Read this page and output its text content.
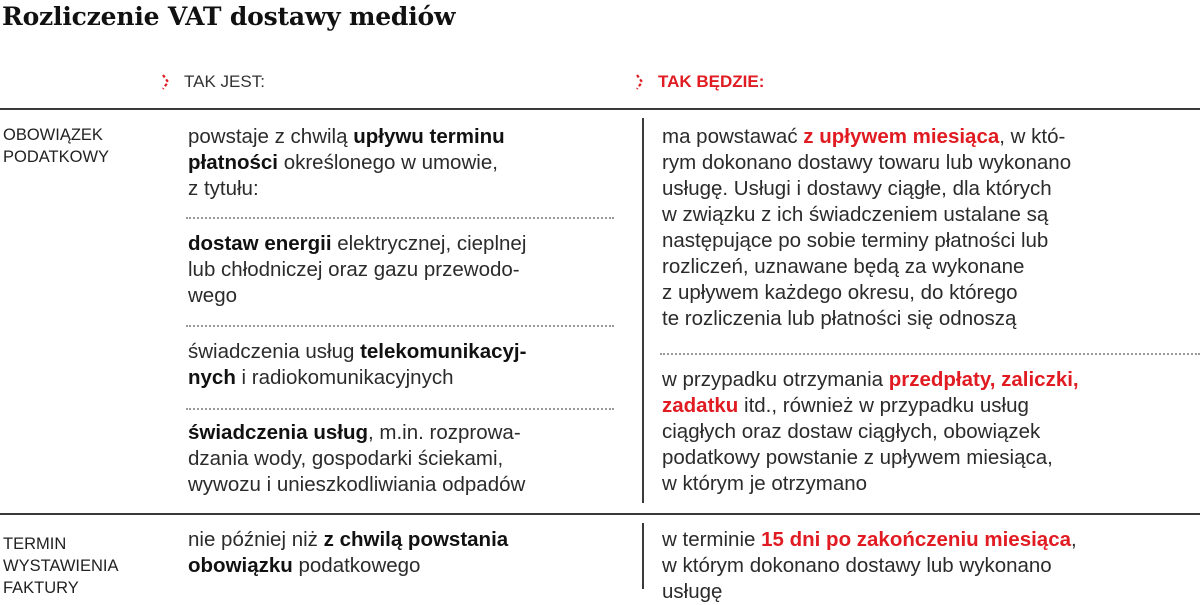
Rozliczenie VAT dostawy mediów
TAK JEST:	TAK BĘDZIE:
OBOWIĄZEK
PODATKOWY
powstaje z chwilą upływu terminu
płatności określonego w umowie,
z tytułu:
dostaw energii elektrycznej, cieplnej
lub chłodniczej oraz gazu przewodo-
wego
świadczenia usług telekomunikacyj-
nych i radiokomunikacyjnych
świadczenia usług, m.in. rozprowa-
dzania wody, gospodarki ściekami,
wywozu i unieszkodliwiania odpadów
ma powstawać z upływem miesiąca, w któ-
rym dokonano dostawy towaru lub wykonano
usługę. Usługi i dostawy ciągłe, dla których
w związku z ich świadczeniem ustalane są
następujące po sobie terminy płatności lub
rozliczeń, uznawane będą za wykonane
z upływem każdego okresu, do którego
te rozliczenia lub płatności się odnoszą
w przypadku otrzymania przedpłaty, zaliczki,
zadatku itd., również w przypadku usług
ciągłych oraz dostaw ciągłych, obowiązek
podatkowy powstanie z upływem miesiąca,
w którym je otrzymano
TERMIN
WYSTAWIENIA
FAKTURY
nie później niż z chwilą powstania
obowiązku podatkowego
w terminie 15 dni po zakończeniu miesiąca,
w którym dokonano dostawy lub wykonano
usługę
